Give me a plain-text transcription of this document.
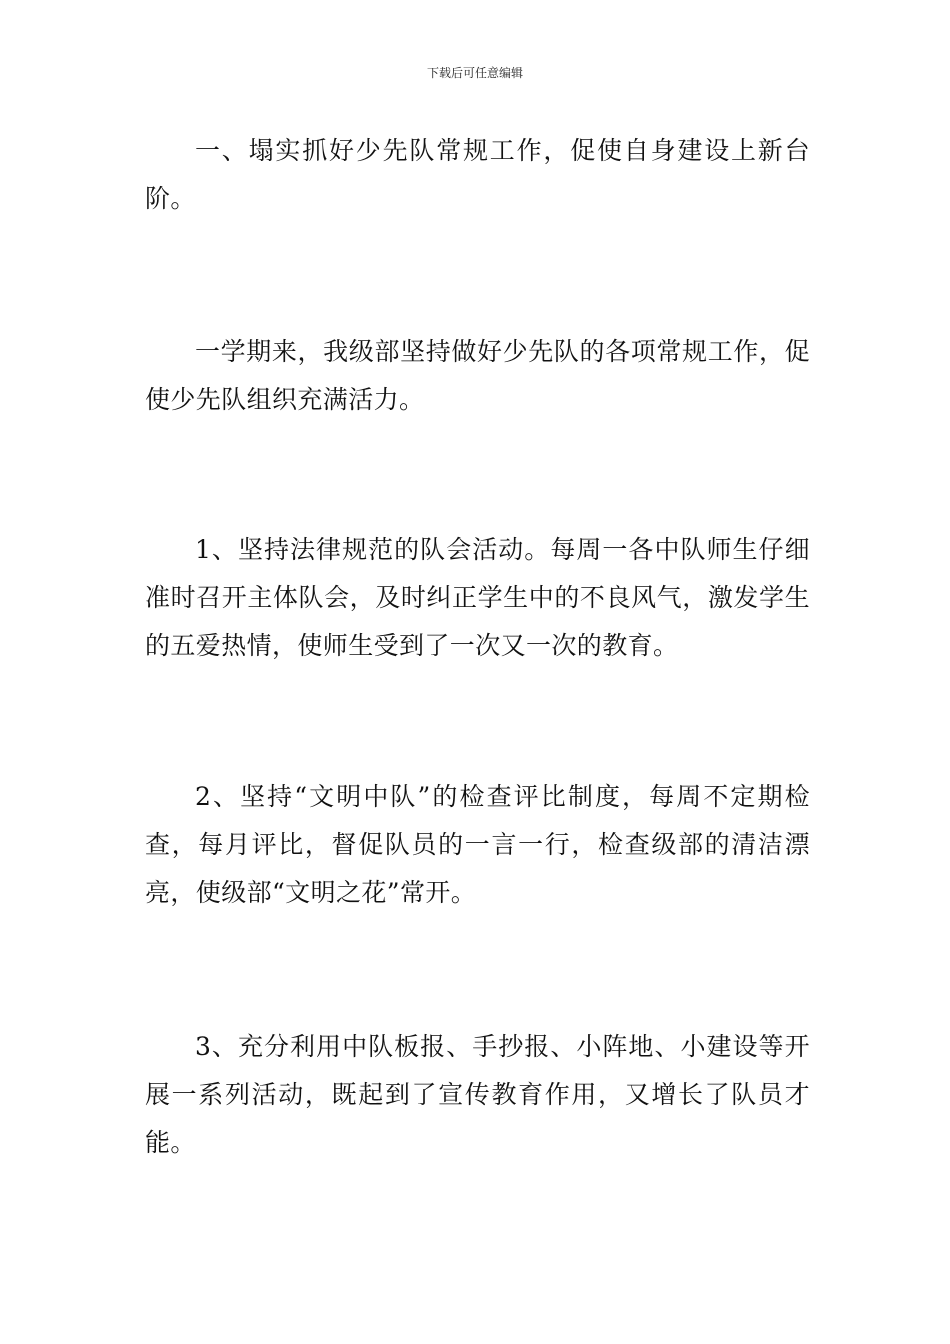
下载后可任意编辑

一、塌实抓好少先队常规工作，促使自身建设上新台阶。

一学期来，我级部坚持做好少先队的各项常规工作，促使少先队组织充满活力。

1、坚持法律规范的队会活动。每周一各中队师生仔细准时召开主体队会，及时纠正学生中的不良风气，激发学生的五爱热情，使师生受到了一次又一次的教育。

2、坚持“文明中队”的检查评比制度，每周不定期检查，每月评比，督促队员的一言一行，检查级部的清洁漂亮，使级部“文明之花”常开。

3、充分利用中队板报、手抄报、小阵地、小建设等开展一系列活动，既起到了宣传教育作用，又增长了队员才能。
